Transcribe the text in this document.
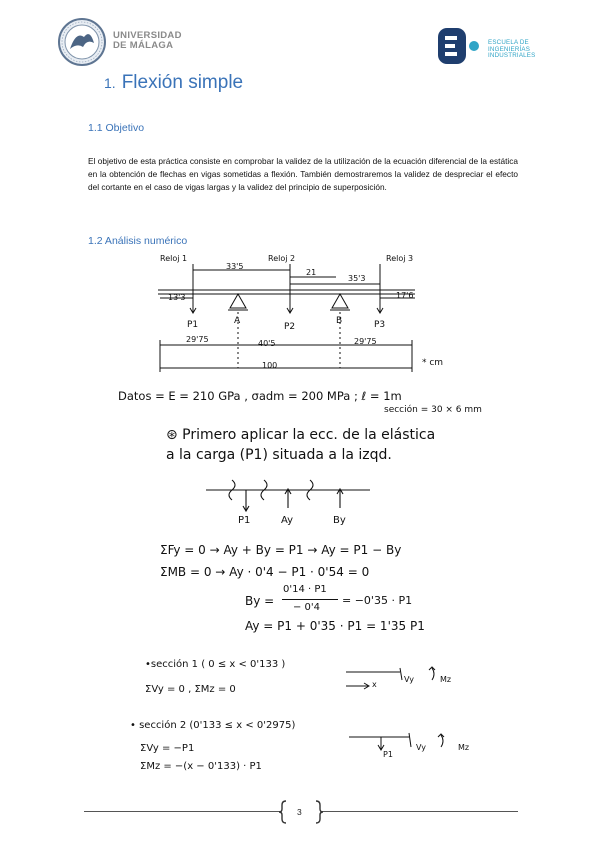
UNIVERSIDAD
DE MÁLAGA	ESCUELA DE
INGENIERÍAS
INDUSTRIALES
1. Flexión simple
1.1 Objetivo
El objetivo de esta práctica consiste en comprobar la validez de la utilización de la ecuación diferencial de la estática en la obtención de flechas en vigas sometidas a flexión. También demostraremos la validez de despreciar el efecto del cortante en el caso de vigas largas y la validez del principio de superposición.
1.2 Análisis numérico
Reloj 1	Reloj 2	Reloj 3
33'5
21
35'3
13'3	17'6
P1	A
P2
B	P3
29'75	40'5	29'75
* cm
100
Datos = E = 210 GPa , σadm = 200 MPa ; ℓ = 1m
sección = 30 × 6 mm
⊛ Primero aplicar la ecc. de la elástica
a la carga (P1) situada a la izqd.
P1	Ay	By
ΣFy = 0 → Ay + By = P1 → Ay = P1 − By
ΣMB = 0 → Ay · 0'4 − P1 · 0'54 = 0
By =
0'14 · P1
− 0'4
= −0'35 · P1
Ay = P1 + 0'35 · P1 = 1'35 P1
•sección 1 ( 0 ≤ x < 0'133 )
ΣVy = 0 , ΣMz = 0	x
Vy	Mz
• sección 2 (0'133 ≤ x < 0'2975)
ΣVy = −P1
ΣMz = −(x − 0'133) · P1
P1
Vy	Mz
3
